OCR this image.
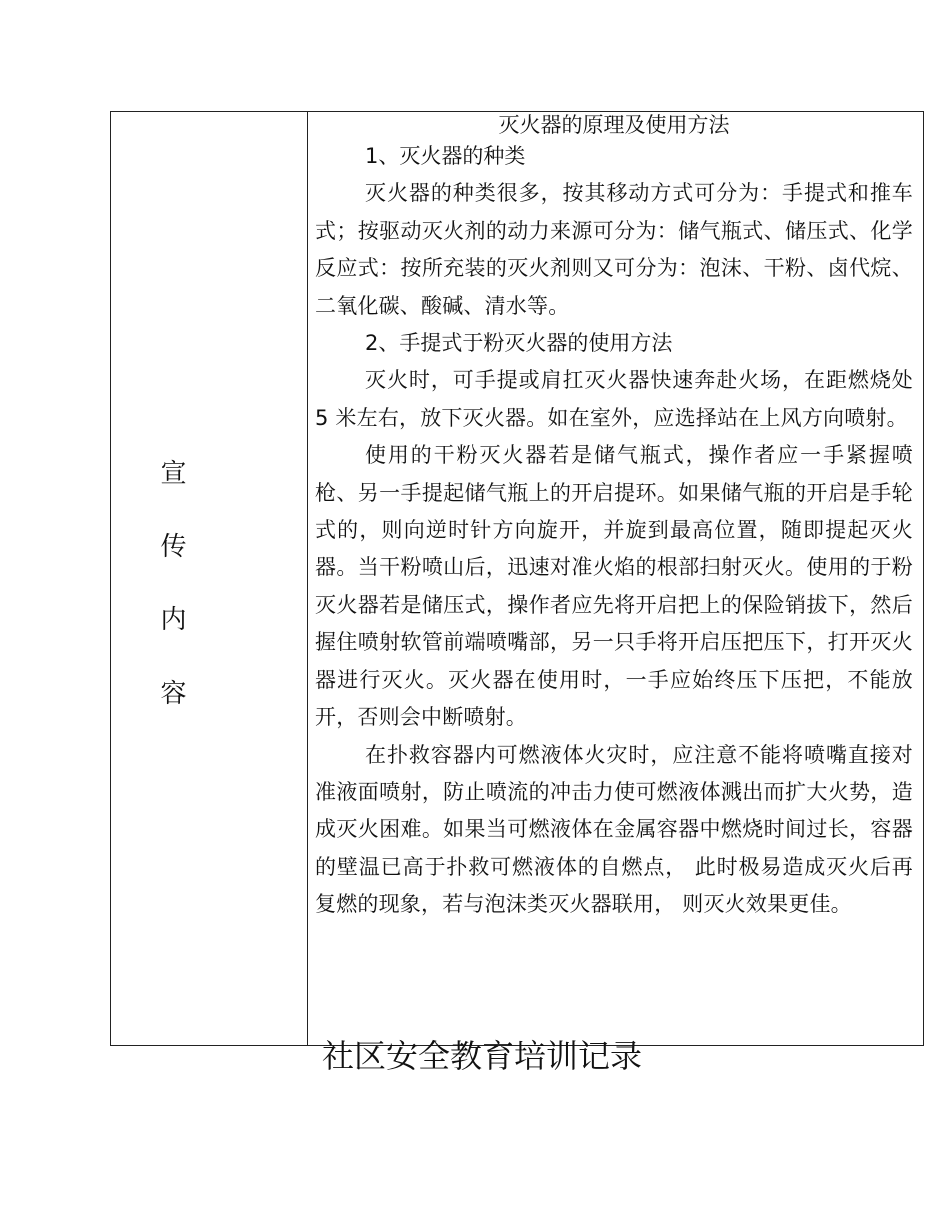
宣
传
内
容
灭火器的原理及使用方法

1、灭火器的种类

灭火器的种类很多，按其移动方式可分为：手提式和推车式；按驱动灭火剂的动力来源可分为：储气瓶式、储压式、化学反应式：按所充装的灭火剂则又可分为：泡沫、干粉、卤代烷、二氧化碳、酸碱、清水等。

2、手提式于粉灭火器的使用方法

灭火时，可手提或肩扛灭火器快速奔赴火场，在距燃烧处 5 米左右，放下灭火器。如在室外，应选择站在上风方向喷射。

使用的干粉灭火器若是储气瓶式，操作者应一手紧握喷枪、另一手提起储气瓶上的开启提环。如果储气瓶的开启是手轮式的，则向逆时针方向旋开，并旋到最高位置，随即提起灭火器。当干粉喷山后，迅速对准火焰的根部扫射灭火。使用的于粉灭火器若是储压式，操作者应先将开启把上的保险销拔下，然后握住喷射软管前端喷嘴部，另一只手将开启压把压下，打开灭火器进行灭火。灭火器在使用时，一手应始终压下压把，不能放开，否则会中断喷射。

在扑救容器内可燃液体火灾时，应注意不能将喷嘴直接对准液面喷射，防止喷流的冲击力使可燃液体溅出而扩大火势，造成灭火困难。如果当可燃液体在金属容器中燃烧时间过长，容器的壁温已高于扑救可燃液体的自燃点， 此时极易造成灭火后再复燃的现象，若与泡沫类灭火器联用， 则灭火效果更佳。

社区安全教育培训记录
